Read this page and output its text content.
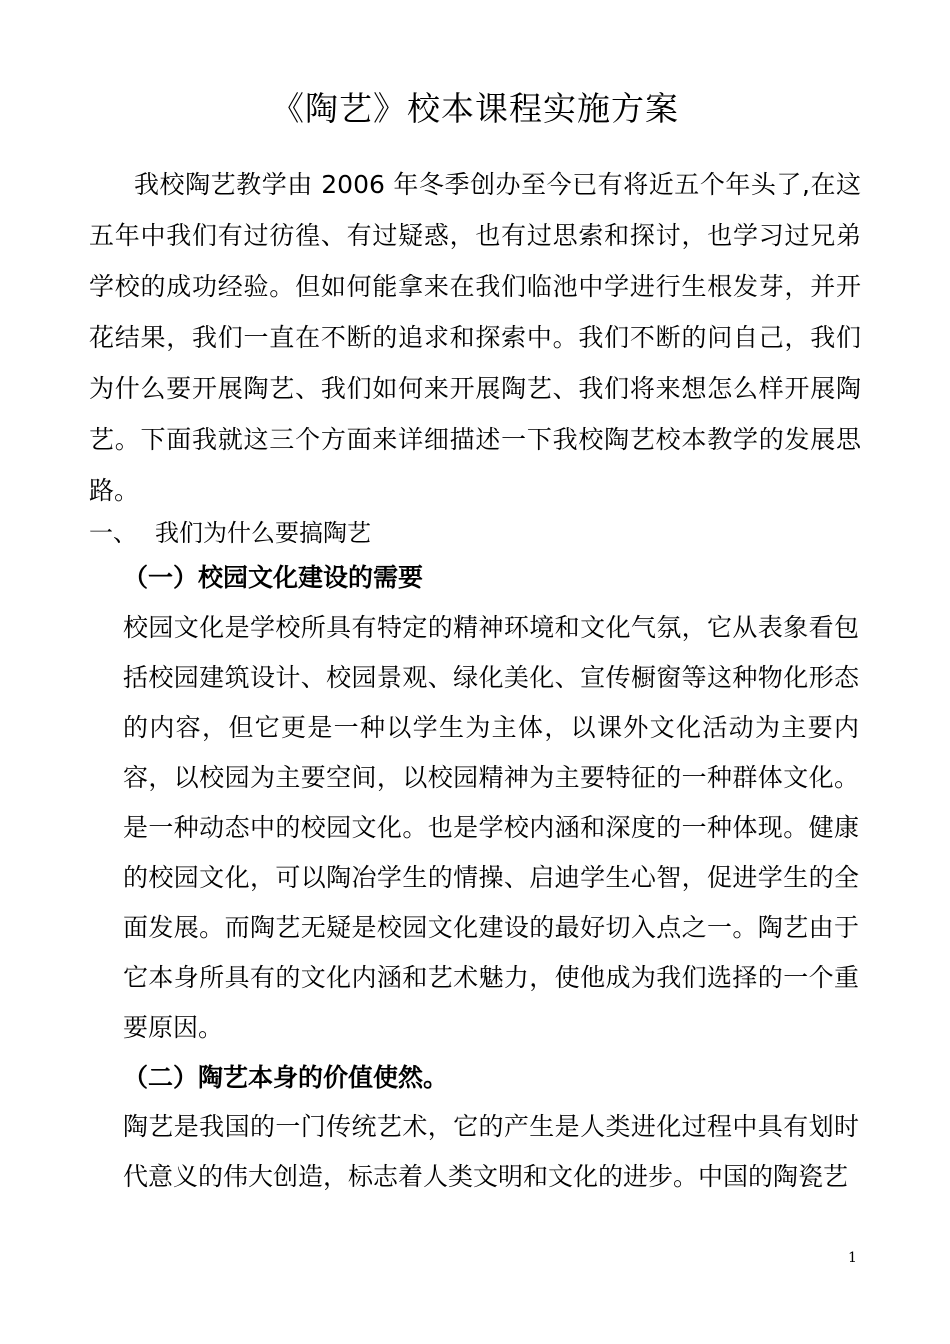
《陶艺》校本课程实施方案

我校陶艺教学由 2006 年冬季创办至今已有将近五个年头了,在这五年中我们有过彷徨、有过疑惑，也有过思索和探讨，也学习过兄弟学校的成功经验。但如何能拿来在我们临池中学进行生根发芽，并开花结果，我们一直在不断的追求和探索中。我们不断的问自己，我们为什么要开展陶艺、我们如何来开展陶艺、我们将来想怎么样开展陶艺。下面我就这三个方面来详细描述一下我校陶艺校本教学的发展思路。

一、 我们为什么要搞陶艺
（一）校园文化建设的需要

校园文化是学校所具有特定的精神环境和文化气氛，它从表象看包括校园建筑设计、校园景观、绿化美化、宣传橱窗等这种物化形态的内容，但它更是一种以学生为主体，以课外文化活动为主要内容，以校园为主要空间，以校园精神为主要特征的一种群体文化。是一种动态中的校园文化。也是学校内涵和深度的一种体现。健康的校园文化，可以陶冶学生的情操、启迪学生心智，促进学生的全面发展。而陶艺无疑是校园文化建设的最好切入点之一。陶艺由于它本身所具有的文化内涵和艺术魅力，使他成为我们选择的一个重要原因。

（二）陶艺本身的价值使然。

陶艺是我国的一门传统艺术，它的产生是人类进化过程中具有划时代意义的伟大创造，标志着人类文明和文化的进步。中国的陶瓷艺

1
